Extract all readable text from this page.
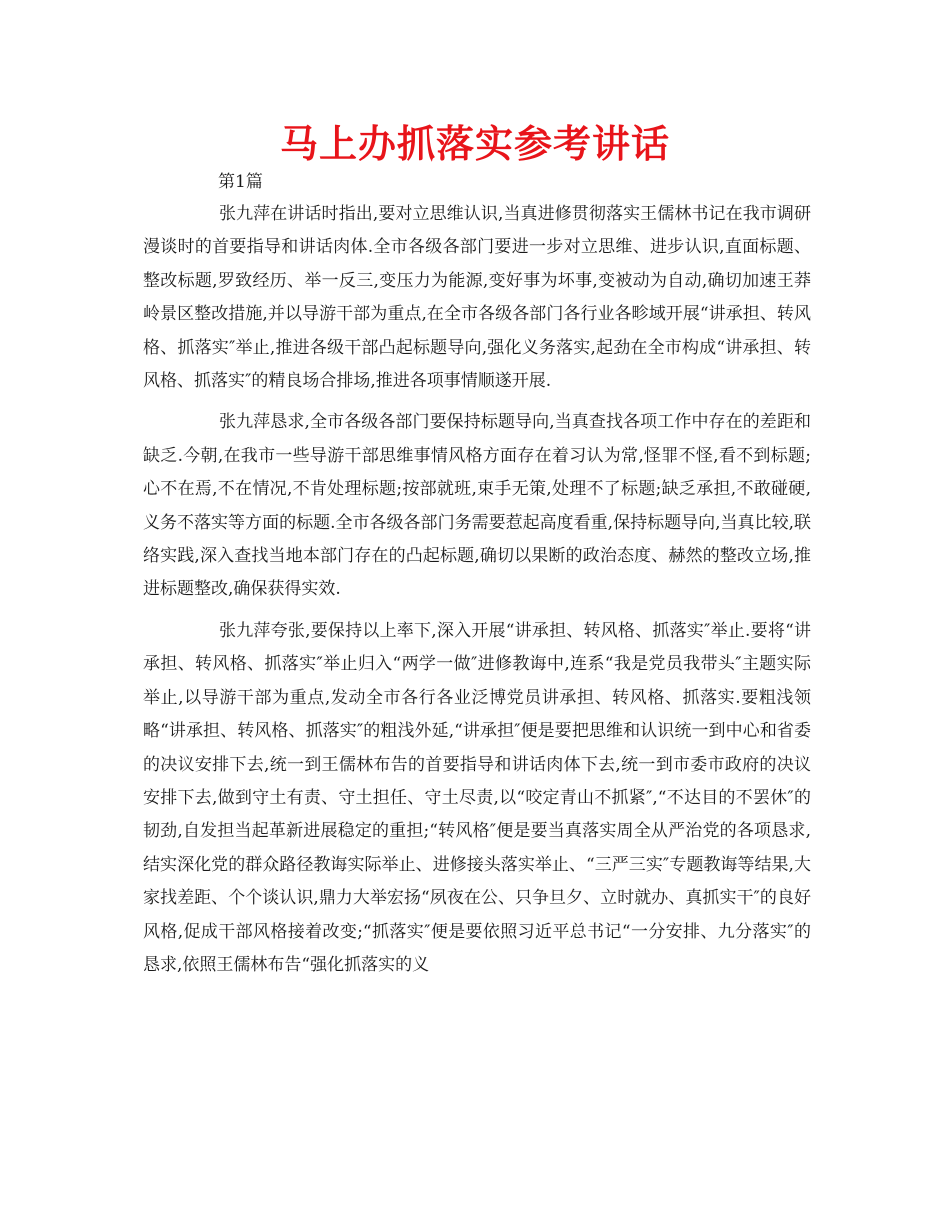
马上办抓落实参考讲话
第1篇

张九萍在讲话时指出,要对立思维认识,当真进修贯彻落实王儒林书记在我市调研漫谈时的首要指导和讲话肉体.全市各级各部门要进一步对立思维、进步认识,直面标题、整改标题,罗致经历、举一反三,变压力为能源,变好事为坏事,变被动为自动,确切加速王莽岭景区整改措施,并以导游干部为重点,在全市各级各部门各行业各畛域开展“讲承担、转风格、抓落实″举止,推进各级干部凸起标题导向,强化义务落实,起劲在全市构成“讲承担、转风格、抓落实″的精良场合排场,推进各项事情顺遂开展.

张九萍恳求,全市各级各部门要保持标题导向,当真查找各项工作中存在的差距和缺乏.今朝,在我市一些导游干部思维事情风格方面存在着习认为常,怪罪不怪,看不到标题;心不在焉,不在情况,不肯处理标题;按部就班,束手无策,处理不了标题;缺乏承担,不敢碰硬,义务不落实等方面的标题.全市各级各部门务需要惹起高度看重,保持标题导向,当真比较,联络实践,深入查找当地本部门存在的凸起标题,确切以果断的政治态度、赫然的整改立场,推进标题整改,确保获得实效.

张九萍夸张,要保持以上率下,深入开展“讲承担、转风格、抓落实″举止.要将“讲承担、转风格、抓落实″举止归入“两学一做″进修教诲中,连系“我是党员我带头″主题实际举止,以导游干部为重点,发动全市各行各业泛博党员讲承担、转风格、抓落实.要粗浅领略“讲承担、转风格、抓落实″的粗浅外延,“讲承担″便是要把思维和认识统一到中心和省委的决议安排下去,统一到王儒林布告的首要指导和讲话肉体下去,统一到市委市政府的决议安排下去,做到守土有责、守土担任、守土尽责,以“咬定青山不抓紧″,“不达目的不罢休″的韧劲,自发担当起革新进展稳定的重担;“转风格″便是要当真落实周全从严治党的各项恳求,结实深化党的群众路径教诲实际举止、进修接头落实举止、“三严三实″专题教诲等结果,大家找差距、个个谈认识,鼎力大举宏扬“夙夜在公、只争旦夕、立时就办、真抓实干″的良好风格,促成干部风格接着改变;“抓落实″便是要依照习近平总书记“一分安排、九分落实″的恳求,依照王儒林布告“强化抓落实的义
